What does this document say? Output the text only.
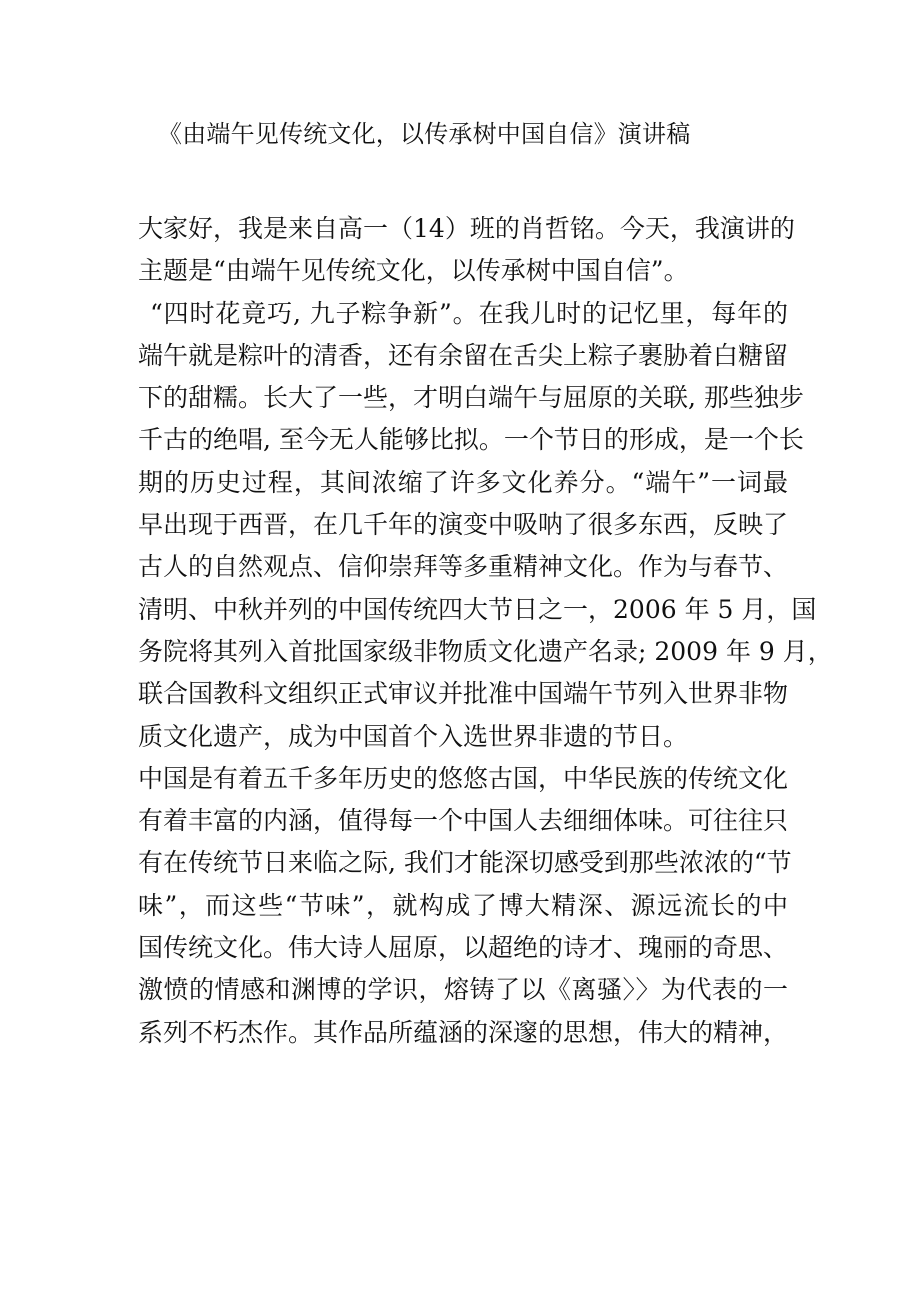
《由端午见传统文化，以传承树中国自信》演讲稿
大家好，我是来自高一（14）班的肖哲铭。今天，我演讲的
主题是“由端午见传统文化，以传承树中国自信”。
“四时花竟巧, 九子粽争新”。在我儿时的记忆里，每年的
端午就是粽叶的清香，还有余留在舌尖上粽子裹胁着白糖留
下的甜糯。长大了一些，才明白端午与屈原的关联, 那些独步
千古的绝唱, 至今无人能够比拟。一个节日的形成，是一个长
期的历史过程，其间浓缩了许多文化养分。“端午”一词最
早出现于西晋，在几千年的演变中吸呐了很多东西，反映了
古人的自然观点、信仰崇拜等多重精神文化。作为与春节、
清明、中秋并列的中国传统四大节日之一，2006 年 5 月，国
务院将其列入首批国家级非物质文化遗产名录; 2009 年 9 月，
联合国教科文组织正式审议并批准中国端午节列入世界非物
质文化遗产，成为中国首个入选世界非遗的节日。
中国是有着五千多年历史的悠悠古国，中华民族的传统文化
有着丰富的内涵，值得每一个中国人去细细体味。可往往只
有在传统节日来临之际, 我们才能深切感受到那些浓浓的“节
味”，而这些“节味”，就构成了博大精深、源远流长的中
国传统文化。伟大诗人屈原，以超绝的诗才、瑰丽的奇思、
激愤的情感和渊博的学识，熔铸了以《离骚〉〉为代表的一
系列不朽杰作。其作品所蕴涵的深邃的思想，伟大的精神，
